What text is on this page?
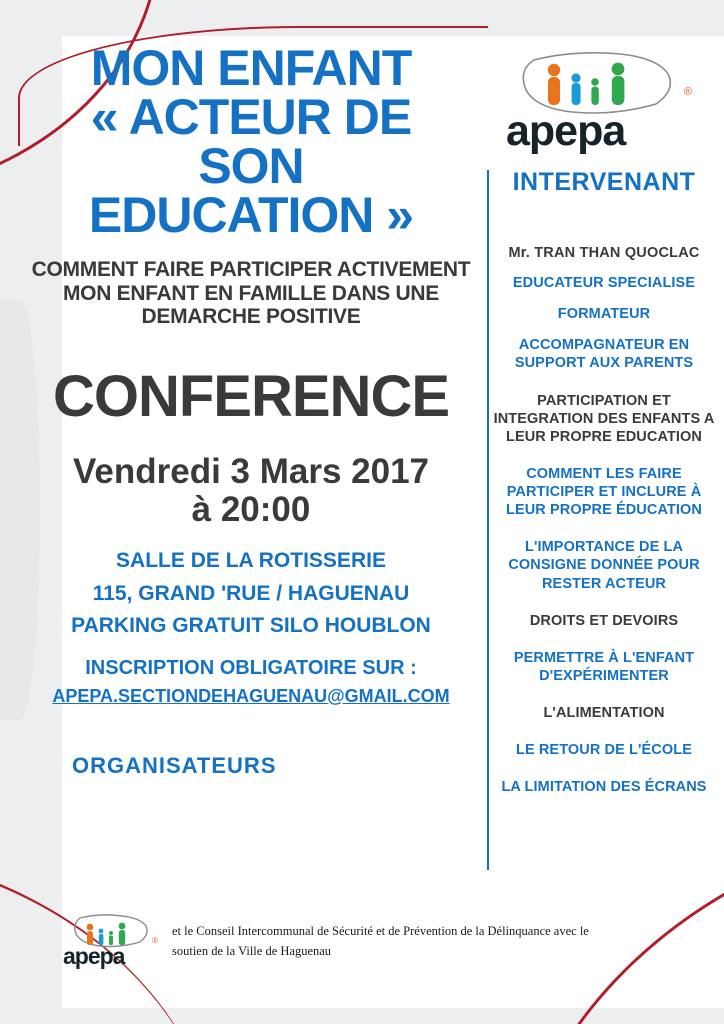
MON ENFANT
« ACTEUR DE
SON
EDUCATION »
COMMENT FAIRE PARTICIPER ACTIVEMENT
MON ENFANT EN FAMILLE DANS UNE
DEMARCHE POSITIVE
CONFERENCE
Vendredi 3 Mars 2017
à 20:00
SALLE DE LA ROTISSERIE
115, GRAND 'RUE / HAGUENAU
PARKING GRATUIT SILO HOUBLON
INSCRIPTION OBLIGATOIRE SUR :
APEPA.SECTIONDEHAGUENAU@GMAIL.COM
ORGANISATEURS
apepa
®
et le Conseil Intercommunal de Sécurité et de Prévention de la Délinquance avec le soutien de la Ville de Haguenau
apepa
®
INTERVENANT
Mr. TRAN THAN QUOCLAC
EDUCATEUR SPECIALISE
FORMATEUR
ACCOMPAGNATEUR EN SUPPORT AUX PARENTS
PARTICIPATION ET INTEGRATION DES ENFANTS A LEUR PROPRE EDUCATION
COMMENT LES FAIRE PARTICIPER ET INCLURE À LEUR PROPRE ÉDUCATION
L'IMPORTANCE DE LA CONSIGNE DONNÉE POUR RESTER ACTEUR
DROITS ET DEVOIRS
PERMETTRE À L'ENFANT D'EXPÉRIMENTER
L'ALIMENTATION
LE RETOUR DE L'ÉCOLE
LA LIMITATION DES ÉCRANS
